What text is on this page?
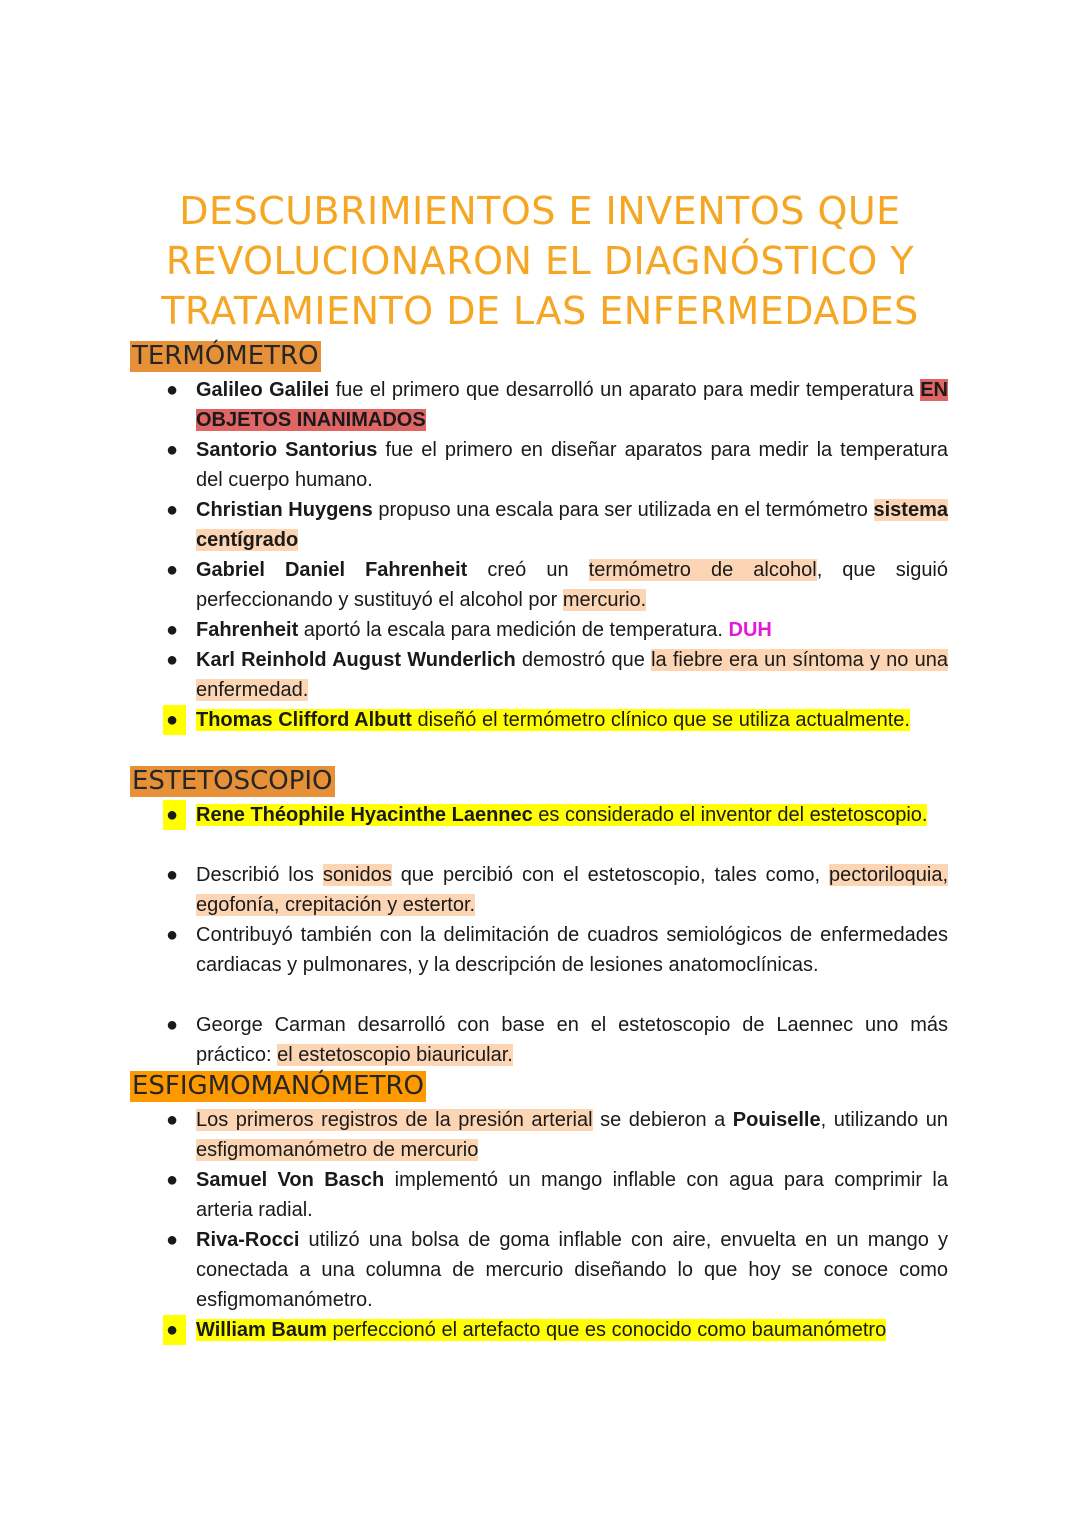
DESCUBRIMIENTOS E INVENTOS QUE
REVOLUCIONARON EL DIAGNÓSTICO Y
TRATAMIENTO DE LAS ENFERMEDADES
TERMÓMETRO
● Galileo Galilei fue el primero que desarrolló un aparato para medir temperatura EN OBJETOS INANIMADOS
● Santorio Santorius fue el primero en diseñar aparatos para medir la temperatura del cuerpo humano.
● Christian Huygens propuso una escala para ser utilizada en el termómetro sistema centígrado
● Gabriel Daniel Fahrenheit creó un termómetro de alcohol, que siguió perfeccionando y sustituyó el alcohol por mercurio.
● Fahrenheit aportó la escala para medición de temperatura. DUH
● Karl Reinhold August Wunderlich demostró que la fiebre era un síntoma y no una enfermedad.
● Thomas Clifford Albutt diseñó el termómetro clínico que se utiliza actualmente.
ESTETOSCOPIO
● Rene Théophile Hyacinthe Laennec es considerado el inventor del estetoscopio.
● Describió los sonidos que percibió con el estetoscopio, tales como, pectoriloquia, egofonía, crepitación y estertor.
● Contribuyó también con la delimitación de cuadros semiológicos de enfermedades cardiacas y pulmonares, y la descripción de lesiones anatomoclínicas.
● George Carman desarrolló con base en el estetoscopio de Laennec uno más práctico: el estetoscopio biauricular.
ESFIGMOMANÓMETRO
● Los primeros registros de la presión arterial se debieron a Pouiselle, utilizando un esfigmomanómetro de mercurio
● Samuel Von Basch implementó un mango inflable con agua para comprimir la arteria radial.
● Riva-Rocci utilizó una bolsa de goma inflable con aire, envuelta en un mango y conectada a una columna de mercurio diseñando lo que hoy se conoce como esfigmomanómetro.
● William Baum perfeccionó el artefacto que es conocido como baumanómetro
